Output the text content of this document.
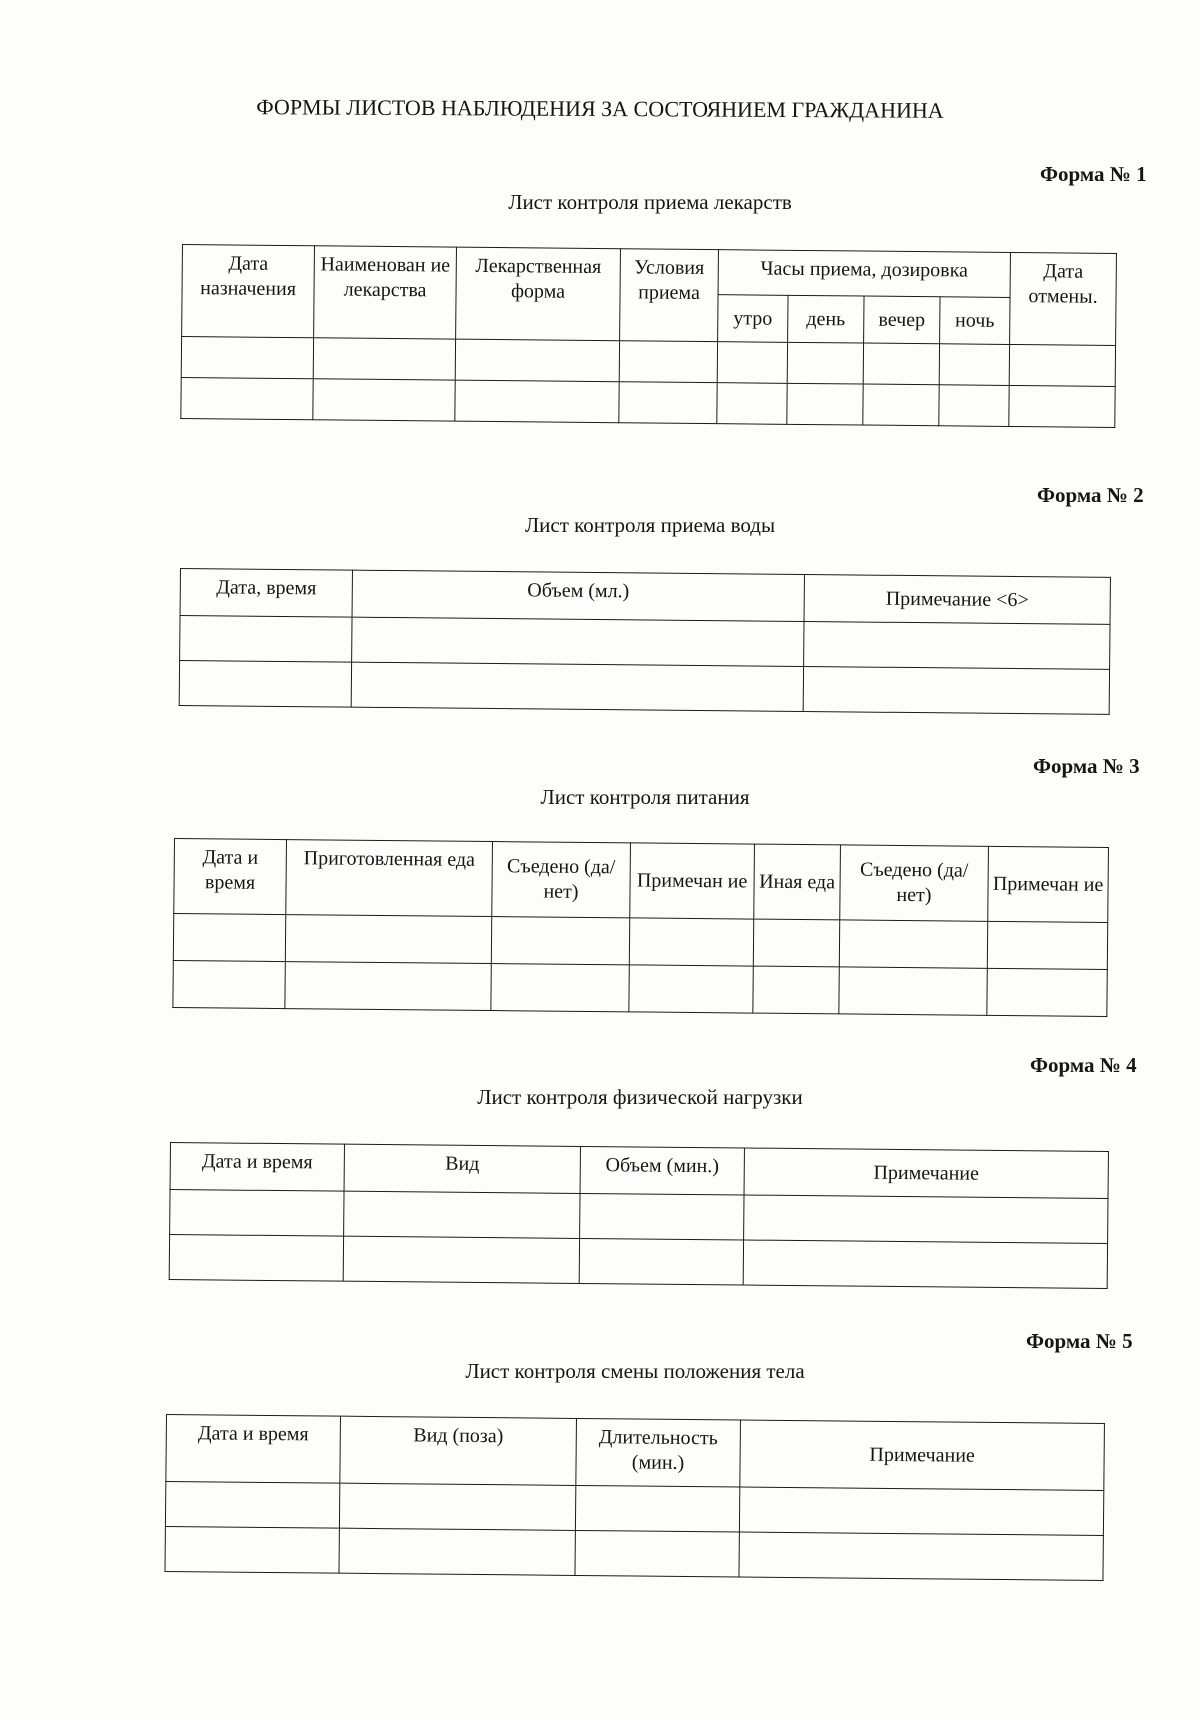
ФОРМЫ ЛИСТОВ НАБЛЮДЕНИЯ ЗА СОСТОЯНИЕМ ГРАЖДАНИНА
Форма № 1
Лист контроля приема лекарств
Дата назначения	Наименован ие лекарства	Лекарственная форма	Условия приема	Часы приема, дозировка				Дата отмены.
				утро	день	вечер	ночь	

Форма № 2
Лист контроля приема воды
Дата, время	Объем (мл.)	Примечание <6>

Форма № 3
Лист контроля питания
Дата и время	Приготовленная еда	Съедено (да/нет)	Примечан ие	Иная еда	Съедено (да/нет)	Примечан ие

Форма № 4
Лист контроля физической нагрузки
Дата и время	Вид	Объем (мин.)	Примечание

Форма № 5
Лист контроля смены положения тела
Дата и время	Вид (поза)	Длительность (мин.)	Примечание
